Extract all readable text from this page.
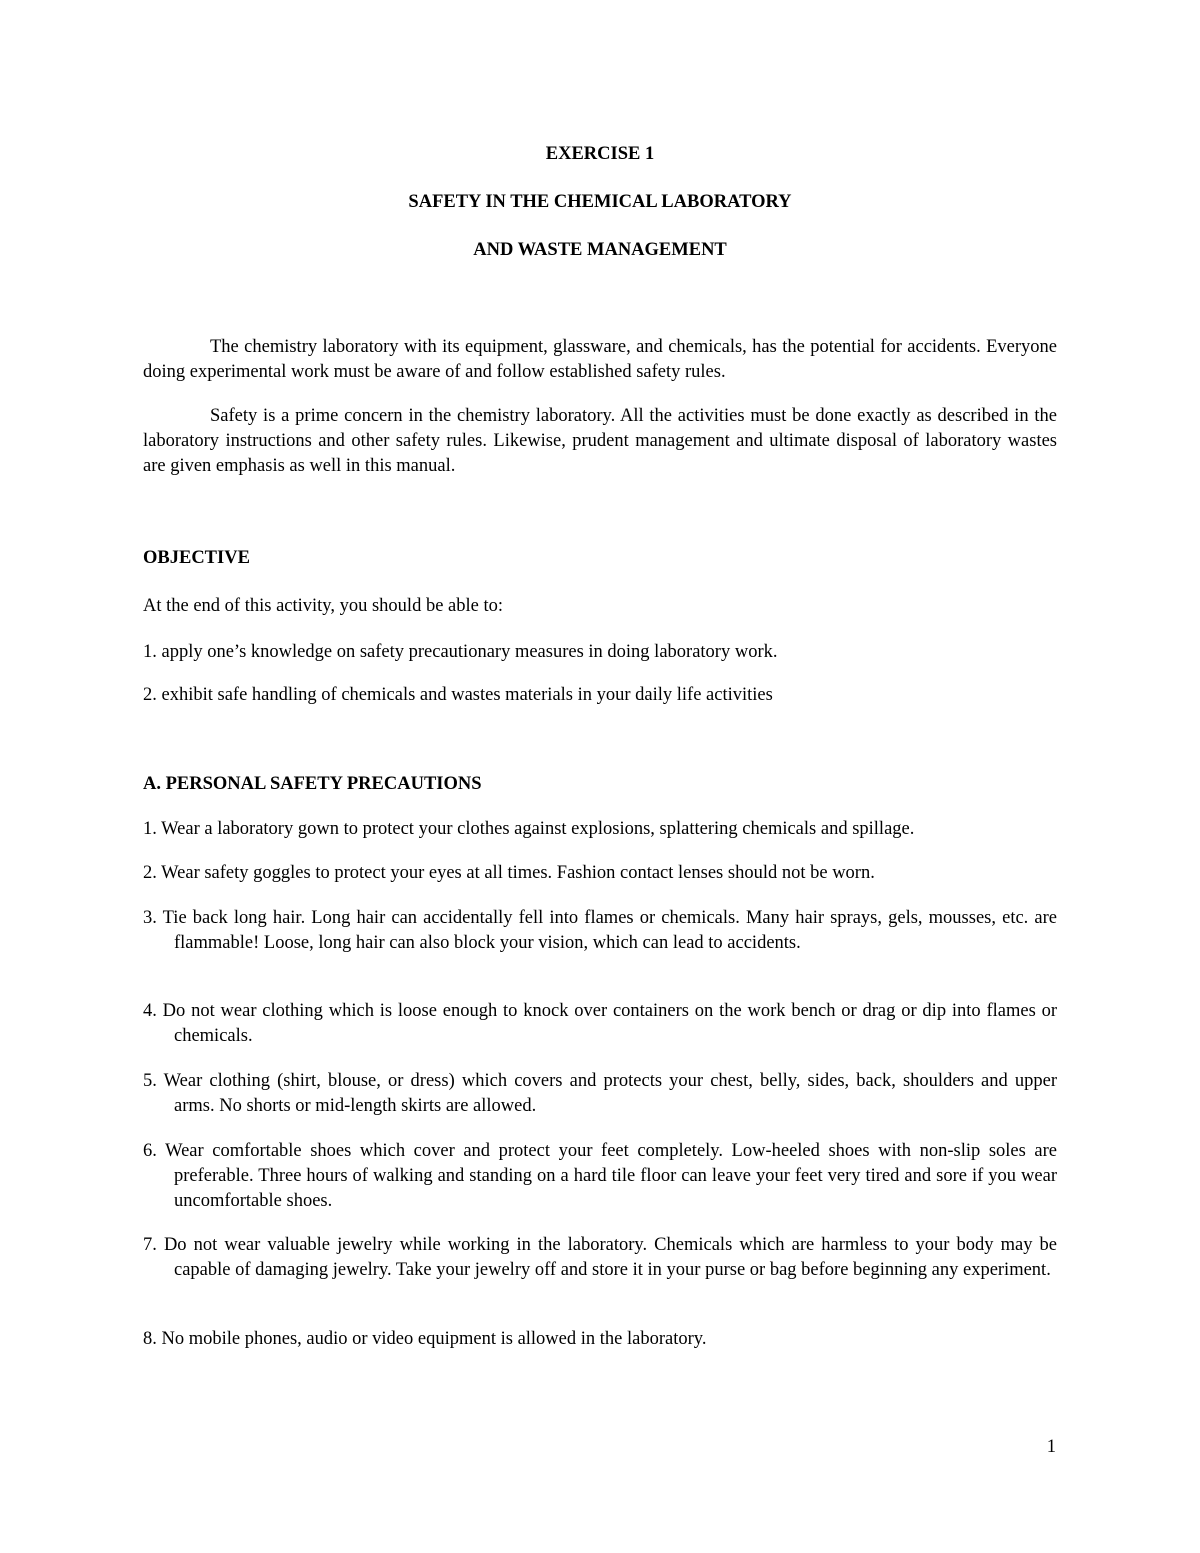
EXERCISE 1
SAFETY IN THE CHEMICAL LABORATORY
AND WASTE MANAGEMENT
The chemistry laboratory with its equipment, glassware, and chemicals, has the potential for accidents. Everyone doing experimental work must be aware of and follow established safety rules.
Safety is a prime concern in the chemistry laboratory. All the activities must be done exactly as described in the laboratory instructions and other safety rules. Likewise, prudent management and ultimate disposal of laboratory wastes are given emphasis as well in this manual.
OBJECTIVE
At the end of this activity, you should be able to:
1. apply one’s knowledge on safety precautionary measures in doing laboratory work.
2. exhibit safe handling of chemicals and wastes materials in your daily life activities
A. PERSONAL SAFETY PRECAUTIONS
1. Wear a laboratory gown to protect your clothes against explosions, splattering chemicals and spillage.
2. Wear safety goggles to protect your eyes at all times. Fashion contact lenses should not be worn.
3. Tie back long hair. Long hair can accidentally fell into flames or chemicals. Many hair sprays, gels, mousses, etc. are flammable! Loose, long hair can also block your vision, which can lead to accidents.
4. Do not wear clothing which is loose enough to knock over containers on the work bench or drag or dip into flames or chemicals.
5. Wear clothing (shirt, blouse, or dress) which covers and protects your chest, belly, sides, back, shoulders and upper arms. No shorts or mid-length skirts are allowed.
6. Wear comfortable shoes which cover and protect your feet completely. Low-heeled shoes with non-slip soles are preferable. Three hours of walking and standing on a hard tile floor can leave your feet very tired and sore if you wear uncomfortable shoes.
7. Do not wear valuable jewelry while working in the laboratory. Chemicals which are harmless to your body may be capable of damaging jewelry. Take your jewelry off and store it in your purse or bag before beginning any experiment.
8. No mobile phones, audio or video equipment is allowed in the laboratory.
1
